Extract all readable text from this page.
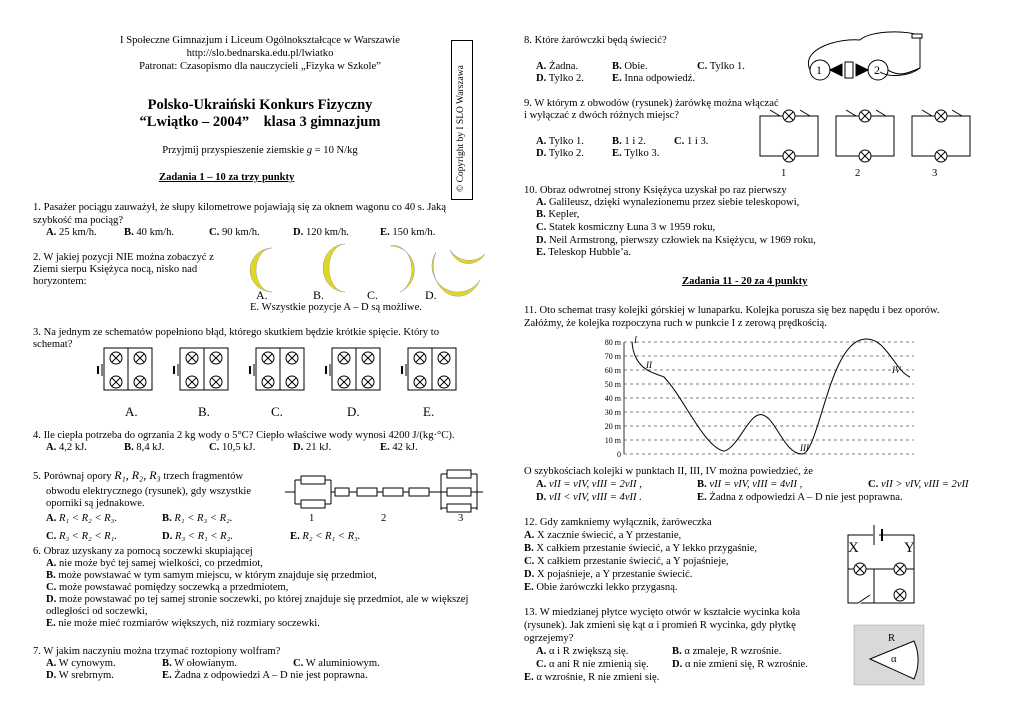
I Społeczne Gimnazjum i Liceum Ogólnokształcące w Warszawie
http://slo.bednarska.edu.pl/lwiatko
Patronat: Czasopismo dla nauczycieli „Fizyka w Szkole”
Polsko-Ukraiński Konkurs Fizyczny
“Lwiątko – 2004”    klasa 3 gimnazjum
Przyjmij przyspieszenie ziemskie g = 10 N/kg	© Copyright by I SLO Warszawa
Zadania 1 – 10 za trzy punkty
1. Pasażer pociągu zauważył, że słupy kilometrowe pojawiają się za oknem wagonu co 40 s. Jaką szybkość ma pociąg?
A. 25 km/h.	B. 40 km/h.	C. 90 km/h.	D. 120 km/h.	E. 150 km/h.
2. W jakiej pozycji NIE można zobaczyć z
Ziemi sierpu Księżyca nocą, nisko nad
horyzontem:
A.	B.	C.	D.
E. Wszystkie pozycje A – D są możliwe.
3. Na jednym ze schematów popełniono błąd, którego skutkiem będzie krótkie spięcie. Który to
schemat?
A.	B.	C.	D.	E.
4. Ile ciepła potrzeba do ogrzania 2 kg wody o 5°C? Ciepło właściwe wody wynosi 4200 J/(kg·°C).
A. 4,2 kJ.	B. 8,4 kJ.	C. 10,5 kJ.	D. 21 kJ.	E. 42 kJ.
5. Porównaj opory R₁, R₂, R₃ trzech fragmentów
obwodu elektrycznego (rysunek), gdy wszystkie
oporniki są jednakowe.
A. R₁ < R₂ < R₃.	B. R₁ < R₃ < R₂.
C. R₃ < R₂ < R₁.	D. R₃ < R₁ < R₂.	E. R₂ < R₁ < R₃.
1	2	3
6. Obraz uzyskany za pomocą soczewki skupiającej
A. nie może być tej samej wielkości, co przedmiot,
B. może powstawać w tym samym miejscu, w którym znajduje się przedmiot,
C. może powstawać pomiędzy soczewką a przedmiotem,
D. może powstawać po tej samej stronie soczewki, po której znajduje się przedmiot, ale w większej
odległości od soczewki,
E. nie może mieć rozmiarów większych, niż rozmiary soczewki.
7. W jakim naczyniu można trzymać roztopiony wolfram?
A. W cynowym.	B. W ołowianym.	C. W aluminiowym.
D. W srebrnym.	E. Żadna z odpowiedzi A – D nie jest poprawna.
8. Które żarówczki będą świecić?
A. Żadna.	B. Obie.	C. Tylko 1.
D. Tylko 2.	E. Inna odpowiedź.
1	2
9. W którym z obwodów (rysunek) żarówkę można włączać
i wyłączać z dwóch różnych miejsc?
A. Tylko 1.	B. 1 i 2.	C. 1 i 3.
D. Tylko 2.	E. Tylko 3.
1	2	3
10. Obraz odwrotnej strony Księżyca uzyskał po raz pierwszy
A. Galileusz, dzięki wynalezionemu przez siebie teleskopowi,
B. Kepler,
C. Statek kosmiczny Łuna 3 w 1959 roku,
D. Neil Armstrong, pierwszy człowiek na Księżycu, w 1969 roku,
E. Teleskop Hubble’a.
Zadania 11 - 20 za 4 punkty
11. Oto schemat trasy kolejki górskiej w lunaparku. Kolejka porusza się bez napędu i bez oporów.
Załóżmy, że kolejka rozpoczyna ruch w punkcie I z zerową prędkością.
0
10 m
20 m
30 m
40 m
50 m
60 m
70 m
80 m I
II
III
IV
O szybkościach kolejki w punktach II, III, IV można powiedzieć, że
A. vII = vIV, vIII = 2vII ,	B. vII = vIV, vIII = 4vII ,	C. vII > vIV, vIII = 2vII
D. vII < vIV, vIII = 4vII .	E. Żadna z odpowiedzi A – D nie jest poprawna.
12. Gdy zamkniemy wyłącznik, żaróweczka
A. X zacznie świecić, a Y przestanie,
B. X całkiem przestanie świecić, a Y lekko przygaśnie,
C. X całkiem przestanie świecić, a Y pojaśnieje,
D. X pojaśnieje, a Y przestanie świecić.
E. Obie żarówczki lekko przygasną.
X	Y
13. W miedzianej płytce wycięto otwór w kształcie wycinka koła
(rysunek). Jak zmieni się kąt α i promień R wycinka, gdy płytkę
ogrzejemy?
A. α i R zwiększą się.	B. α zmaleje, R wzrośnie.
C. α ani R nie zmienią się. D. α nie zmieni się, R wzrośnie.
E. α wzrośnie, R nie zmieni się.
R
α
